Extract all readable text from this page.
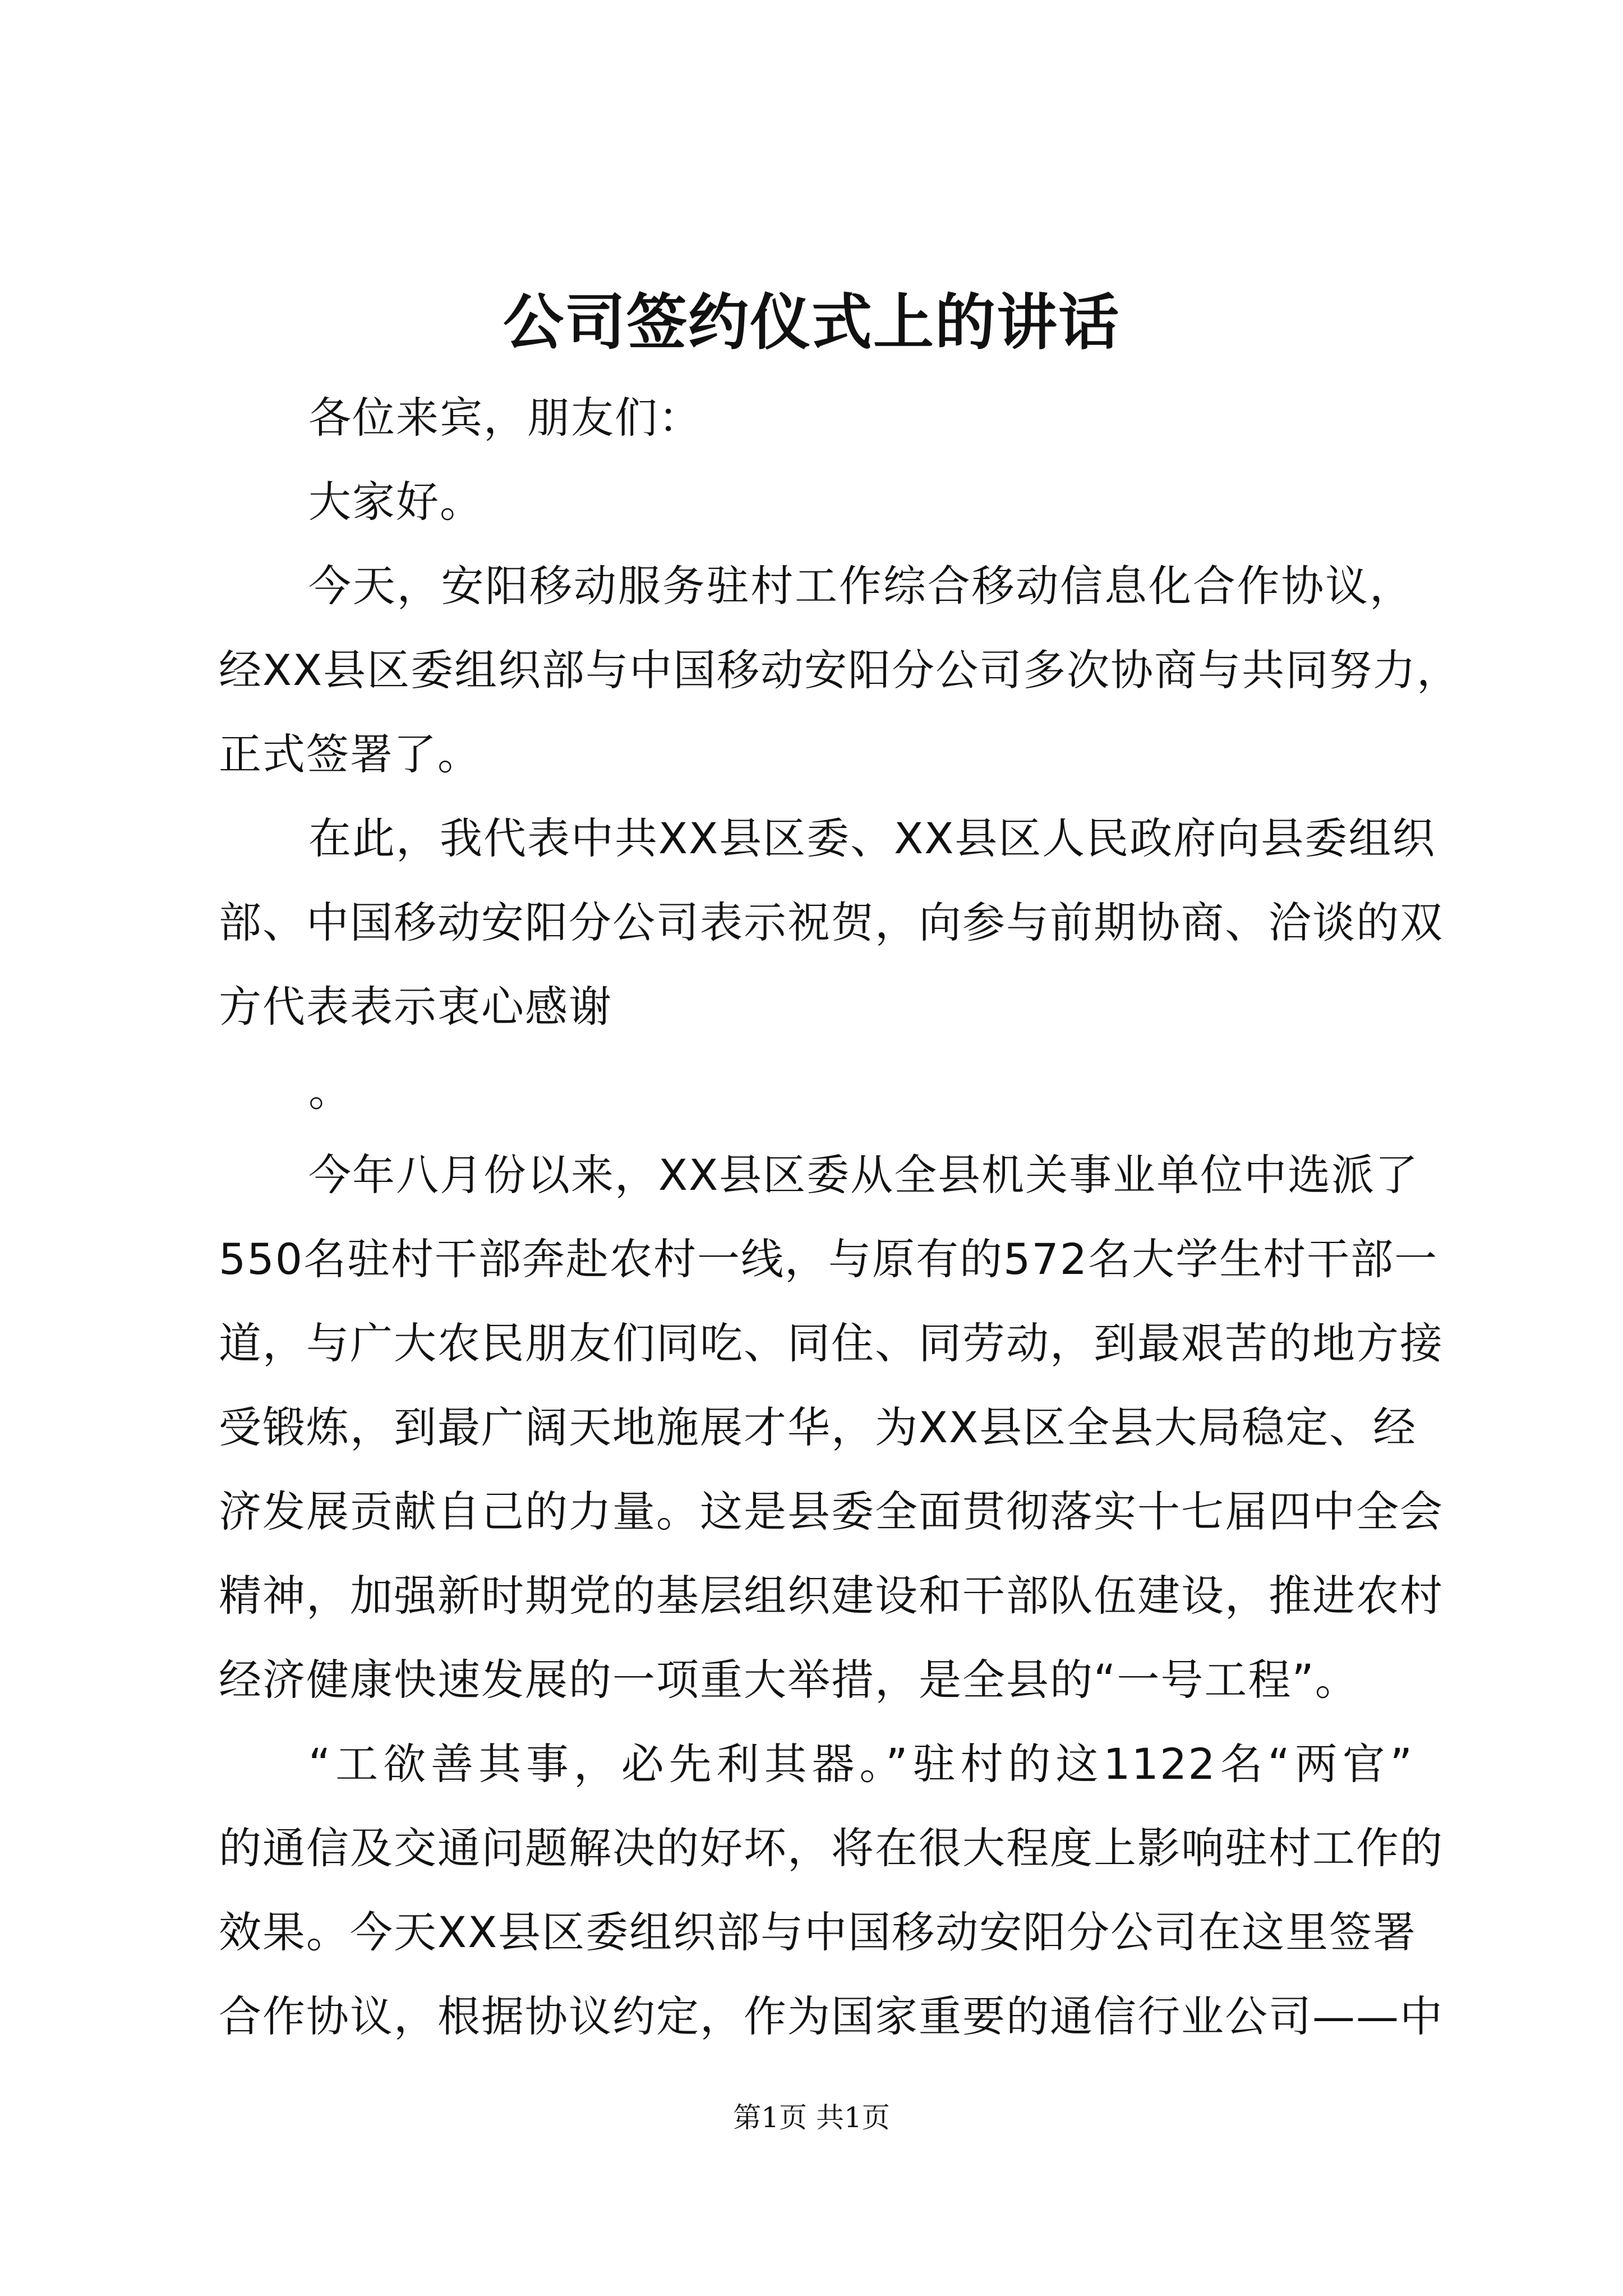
公司签约仪式上的讲话

各位来宾，朋友们：

大家好。

今天，安阳移动服务驻村工作综合移动信息化合作协议，

经XX县区委组织部与中国移动安阳分公司多次协商与共同努力，

正式签署了。

在此，我代表中共XX县区委、XX县区人民政府向县委组织

部、中国移动安阳分公司表示祝贺，向参与前期协商、洽谈的双

方代表表示衷心感谢

。

今年八月份以来，XX县区委从全县机关事业单位中选派了

550名驻村干部奔赴农村一线，与原有的572名大学生村干部一

道，与广大农民朋友们同吃、同住、同劳动，到最艰苦的地方接

受锻炼，到最广阔天地施展才华，为XX县区全县大局稳定、经

济发展贡献自己的力量。这是县委全面贯彻落实十七届四中全会

精神，加强新时期党的基层组织建设和干部队伍建设，推进农村

经济健康快速发展的一项重大举措，是全县的“一号工程”。

“工欲善其事，必先利其器。”驻村的这1122名“两官”

的通信及交通问题解决的好坏，将在很大程度上影响驻村工作的

效果。今天XX县区委组织部与中国移动安阳分公司在这里签署

合作协议，根据协议约定，作为国家重要的通信行业公司——中

第1页 共1页
